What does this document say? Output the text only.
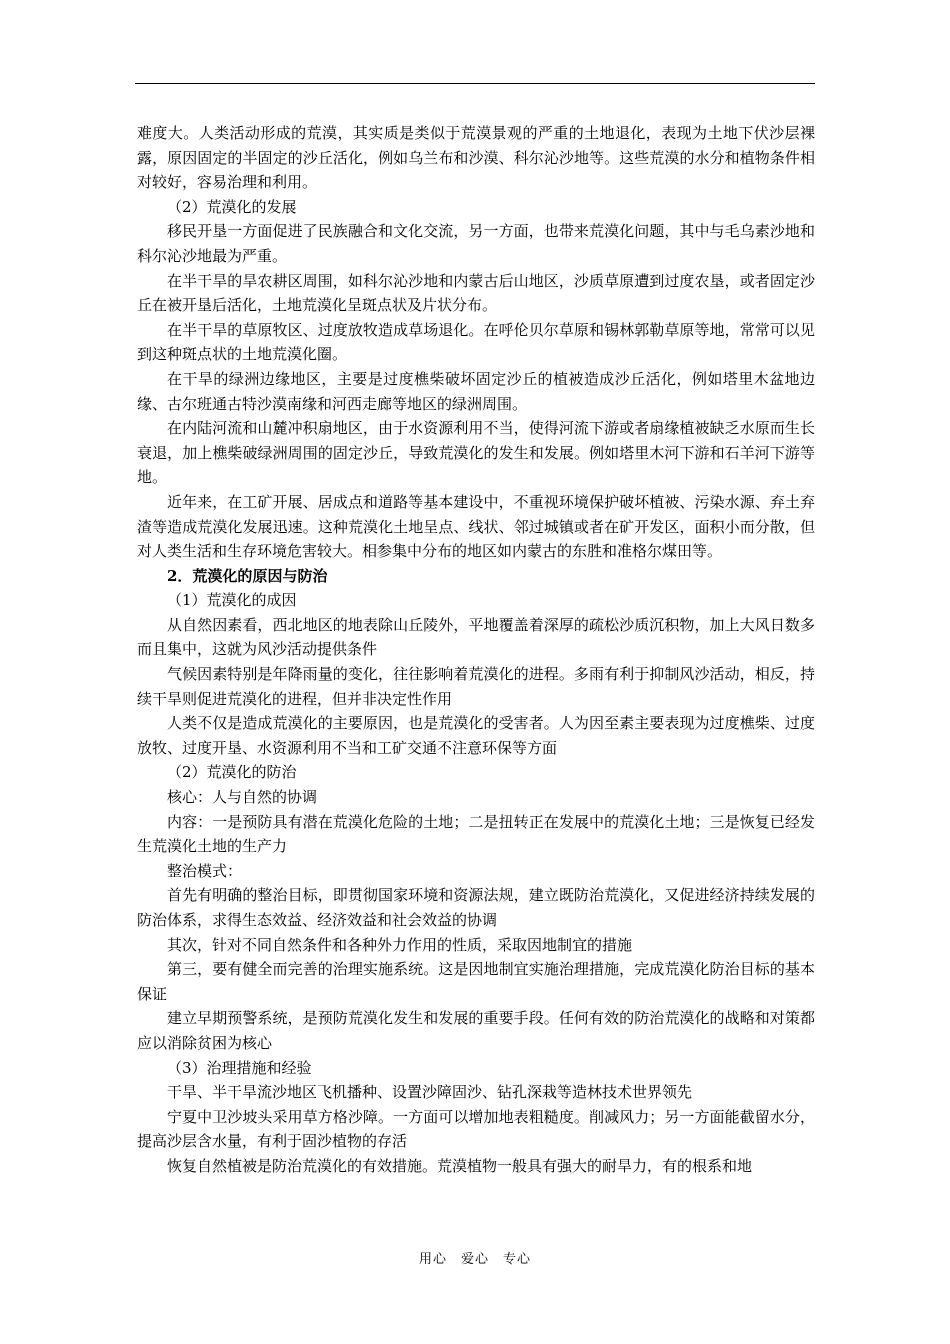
难度大。人类活动形成的荒漠，其实质是类似于荒漠景观的严重的土地退化，表现为土地下伏沙层裸露，原因固定的半固定的沙丘活化，例如乌兰布和沙漠、科尔沁沙地等。这些荒漠的水分和植物条件相对较好，容易治理和利用。

（2）荒漠化的发展

移民开垦一方面促进了民族融合和文化交流，另一方面，也带来荒漠化问题，其中与毛乌素沙地和科尔沁沙地最为严重。

在半干旱的旱农耕区周围，如科尔沁沙地和内蒙古后山地区，沙质草原遭到过度农垦，或者固定沙丘在被开垦后活化，土地荒漠化呈斑点状及片状分布。

在半干旱的草原牧区、过度放牧造成草场退化。在呼伦贝尔草原和锡林郭勒草原等地，常常可以见到这种斑点状的土地荒漠化圈。

在干旱的绿洲边缘地区，主要是过度樵柴破坏固定沙丘的植被造成沙丘活化，例如塔里木盆地边缘、古尔班通古特沙漠南缘和河西走廊等地区的绿洲周围。

在内陆河流和山麓冲积扇地区，由于水资源利用不当，使得河流下游或者扇缘植被缺乏水原而生长衰退，加上樵柴破绿洲周围的固定沙丘，导致荒漠化的发生和发展。例如塔里木河下游和石羊河下游等地。

近年来，在工矿开展、居成点和道路等基本建设中，不重视环境保护破坏植被、污染水源、弃土弃渣等造成荒漠化发展迅速。这种荒漠化土地呈点、线状、邻过城镇或者在矿开发区，面积小而分散，但对人类生活和生存环境危害较大。相参集中分布的地区如内蒙古的东胜和准格尔煤田等。

2．荒漠化的原因与防治

（1）荒漠化的成因

从自然因素看，西北地区的地表除山丘陵外，平地覆盖着深厚的疏松沙质沉积物，加上大风日数多而且集中，这就为风沙活动提供条件

气候因素特别是年降雨量的变化，往往影响着荒漠化的进程。多雨有利于抑制风沙活动，相反，持续干旱则促进荒漠化的进程，但并非决定性作用

人类不仅是造成荒漠化的主要原因，也是荒漠化的受害者。人为因至素主要表现为过度樵柴、过度放牧、过度开垦、水资源利用不当和工矿交通不注意环保等方面

（2）荒漠化的防治

核心：人与自然的协调

内容：一是预防具有潜在荒漠化危险的土地；二是扭转正在发展中的荒漠化土地；三是恢复已经发生荒漠化土地的生产力

整治模式：

首先有明确的整治目标，即贯彻国家环境和资源法规，建立既防治荒漠化，又促进经济持续发展的防治体系，求得生态效益、经济效益和社会效益的协调

其次，针对不同自然条件和各种外力作用的性质，采取因地制宜的措施

第三，要有健全而完善的治理实施系统。这是因地制宜实施治理措施，完成荒漠化防治目标的基本保证

建立早期预警系统，是预防荒漠化发生和发展的重要手段。任何有效的防治荒漠化的战略和对策都应以消除贫困为核心

（3）治理措施和经验

干旱、半干旱流沙地区飞机播种、设置沙障固沙、钻孔深栽等造林技术世界领先

宁夏中卫沙坡头采用草方格沙障。一方面可以增加地表粗糙度。削减风力；另一方面能截留水分，提高沙层含水量，有利于固沙植物的存活

恢复自然植被是防治荒漠化的有效措施。荒漠植物一般具有强大的耐旱力，有的根系和地

用心　爱心　专心
